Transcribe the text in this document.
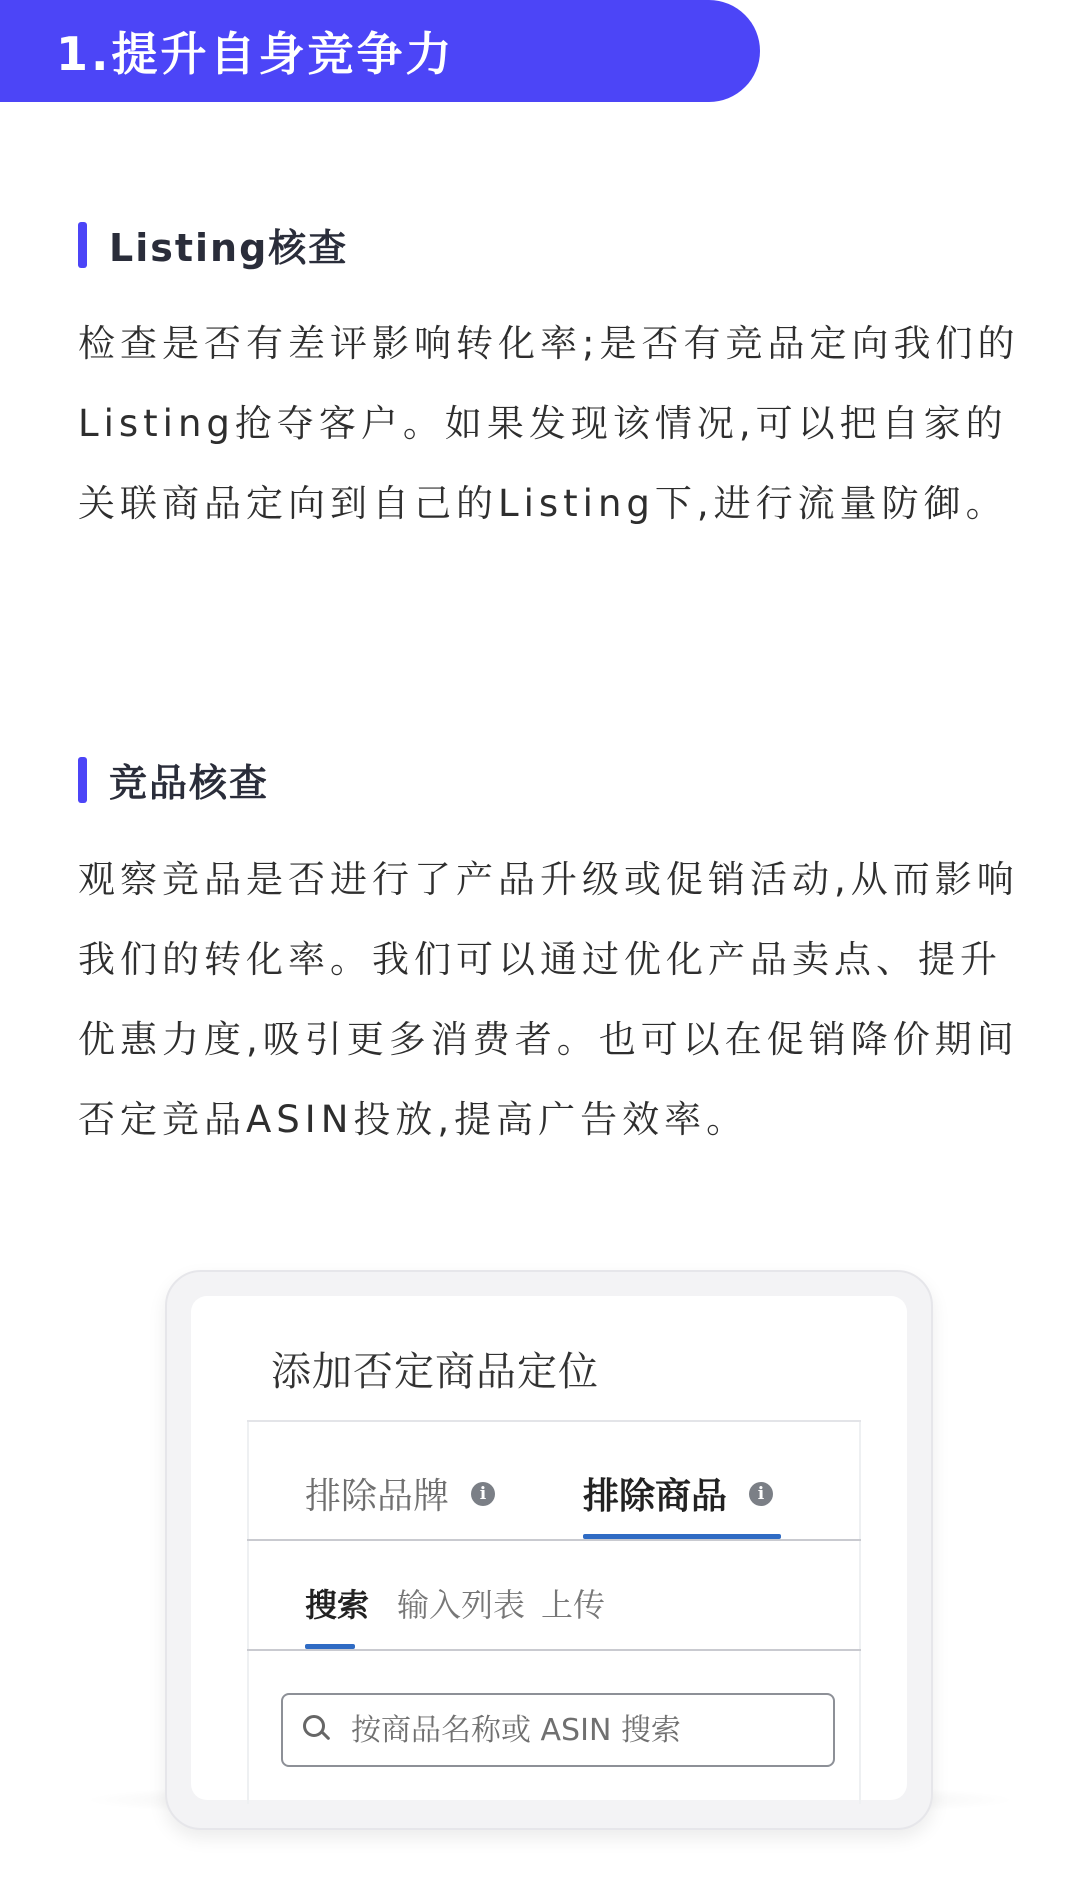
1.提升自身竞争力
Listing核查

检查是否有差评影响转化率;是否有竞品定向我们的Listing抢夺客户。如果发现该情况,可以把自家的关联商品定向到自己的Listing下,进行流量防御。

竞品核查

观察竞品是否进行了产品升级或促销活动,从而影响我们的转化率。我们可以通过优化产品卖点、提升优惠力度,吸引更多消费者。也可以在促销降价期间否定竞品ASIN投放,提高广告效率。

添加否定商品定位
排除品牌	i	排除商品	i
搜索 输入列表 上传
按商品名称或 ASIN 搜索
